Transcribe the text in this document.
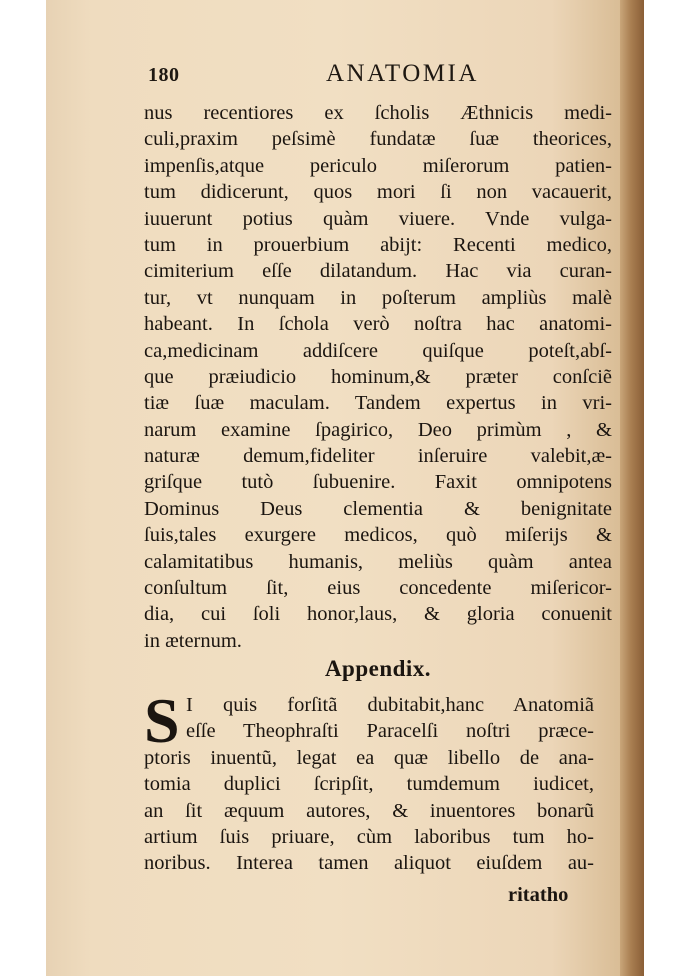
180	ANATOMIA
nus recentiores ex ſcholis Æthnicis medi-
culi,praxim peſsimè fundatæ ſuæ theorices,
impenſis,atque periculo miſerorum patien-
tum didicerunt, quos mori ſi non vacauerit,
iuuerunt potius quàm viuere. Vnde vulga-
tum in prouerbium abijt: Recenti medico,
cimiterium eſſe dilatandum. Hac via curan-
tur, vt nunquam in poſterum ampliùs malè
habeant. In ſchola verò noſtra hac anatomi-
ca,medicinam addiſcere quiſque poteſt,abſ-
que præiudicio hominum,& præter conſciẽ
tiæ ſuæ maculam. Tandem expertus in vri-
narum examine ſpagirico, Deo primùm , &
naturæ demum,fideliter inſeruire valebit,æ-
griſque tutò ſubuenire. Faxit omnipotens
Dominus Deus clementia & benignitate
ſuis,tales exurgere medicos, quò miſerijs &
calamitatibus humanis, meliùs quàm antea
conſultum ſit, eius concedente miſericor-
dia, cui ſoli honor,laus, & gloria conuenit
in æternum.
Appendix.
S I quis forſitã dubitabit,hanc Anatomiã
eſſe Theophraſti Paracelſi noſtri præce-
ptoris inuentũ, legat ea quæ libello de ana-
tomia duplici ſcripſit, tumdemum iudicet,
an ſit æquum autores, & inuentores bonarũ
artium ſuis priuare, cùm laboribus tum ho-
noribus. Interea tamen aliquot eiuſdem au-
ritatho
